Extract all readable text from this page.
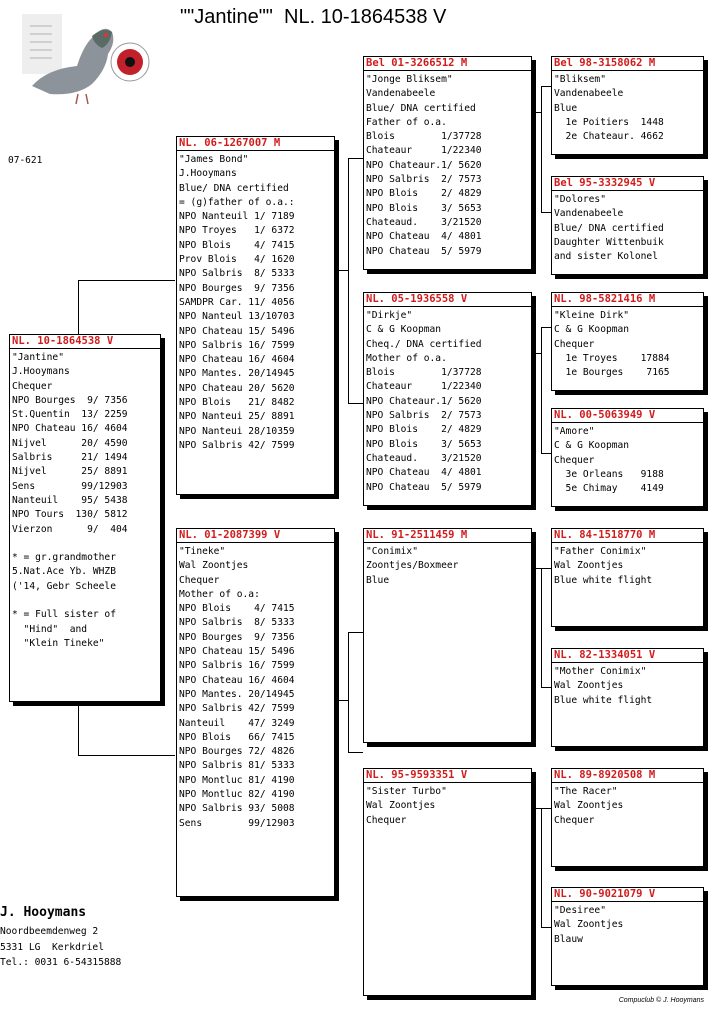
""Jantine""  NL. 10-1864538 V
07-621
NL. 10-1864538 V
"Jantine"
J.Hooymans
Chequer
NPO Bourges  9/ 7356
St.Quentin  13/ 2259
NPO Chateau 16/ 4604
Nijvel      20/ 4590
Salbris     21/ 1494
Nijvel      25/ 8891
Sens        99/12903
Nanteuil    95/ 5438
NPO Tours  130/ 5812
Vierzon      9/  404

* = gr.grandmother
5.Nat.Ace Yb. WHZB
('14, Gebr Scheele

* = Full sister of
"Hind"  and
"Klein Tineke"
NL. 06-1267007 M
"James Bond"
J.Hooymans
Blue/ DNA certified
= (g)father of o.a.:
NPO Nanteuil 1/ 7189
NPO Troyes   1/ 6372
NPO Blois    4/ 7415
Prov Blois   4/ 1620
NPO Salbris  8/ 5333
NPO Bourges  9/ 7356
SAMDPR Car. 11/ 4056
NPO Nanteul 13/10703
NPO Chateau 15/ 5496
NPO Salbris 16/ 7599
NPO Chateau 16/ 4604
NPO Mantes. 20/14945
NPO Chateau 20/ 5620
NPO Blois   21/ 8482
NPO Nanteui 25/ 8891
NPO Nanteui 28/10359
NPO Salbris 42/ 7599
NL. 01-2087399 V
"Tineke"
Wal Zoontjes
Chequer
Mother of o.a:
NPO Blois    4/ 7415
NPO Salbris  8/ 5333
NPO Bourges  9/ 7356
NPO Chateau 15/ 5496
NPO Salbris 16/ 7599
NPO Chateau 16/ 4604
NPO Mantes. 20/14945
NPO Salbris 42/ 7599
Nanteuil    47/ 3249
NPO Blois   66/ 7415
NPO Bourges 72/ 4826
NPO Salbris 81/ 5333
NPO Montluc 81/ 4190
NPO Montluc 82/ 4190
NPO Salbris 93/ 5008
Sens        99/12903
Bel 01-3266512 M
"Jonge Bliksem"
Vandenabeele
Blue/ DNA certified
Father of o.a.
Blois        1/37728
Chateaur     1/22340
NPO Chateaur.1/ 5620
NPO Salbris  2/ 7573
NPO Blois    2/ 4829
NPO Blois    3/ 5653
Chateaud.    3/21520
NPO Chateau  4/ 4801
NPO Chateau  5/ 5979
NL. 05-1936558 V
"Dirkje"
C & G Koopman
Cheq./ DNA certified
Mother of o.a.
Blois        1/37728
Chateaur     1/22340
NPO Chateaur.1/ 5620
NPO Salbris  2/ 7573
NPO Blois    2/ 4829
NPO Blois    3/ 5653
Chateaud.    3/21520
NPO Chateau  4/ 4801
NPO Chateau  5/ 5979
NL. 91-2511459 M
"Conimix"
Zoontjes/Boxmeer
Blue
NL. 95-9593351 V
"Sister Turbo"
Wal Zoontjes
Chequer
Bel 98-3158062 M
"Bliksem"
Vandenabeele
Blue
1e Poitiers  1448
2e Chateaur. 4662
Bel 95-3332945 V
"Dolores"
Vandenabeele
Blue/ DNA certified
Daughter Wittenbuik
and sister Kolonel
NL. 98-5821416 M
"Kleine Dirk"
C & G Koopman
Chequer
1e Troyes    17884
1e Bourges    7165
NL. 00-5063949 V
"Amore"
C & G Koopman
Chequer
3e Orleans   9188
5e Chimay    4149
NL. 84-1518770 M
"Father Conimix"
Wal Zoontjes
Blue white flight
NL. 82-1334051 V
"Mother Conimix"
Wal Zoontjes
Blue white flight
NL. 89-8920508 M
"The Racer"
Wal Zoontjes
Chequer
NL. 90-9021079 V
"Desiree"
Wal Zoontjes
Blauw
J. Hooymans
Noordbeemdenweg 2
5331 LG  Kerkdriel
Tel.: 0031 6-54315888
Compuclub © J. Hooymans
